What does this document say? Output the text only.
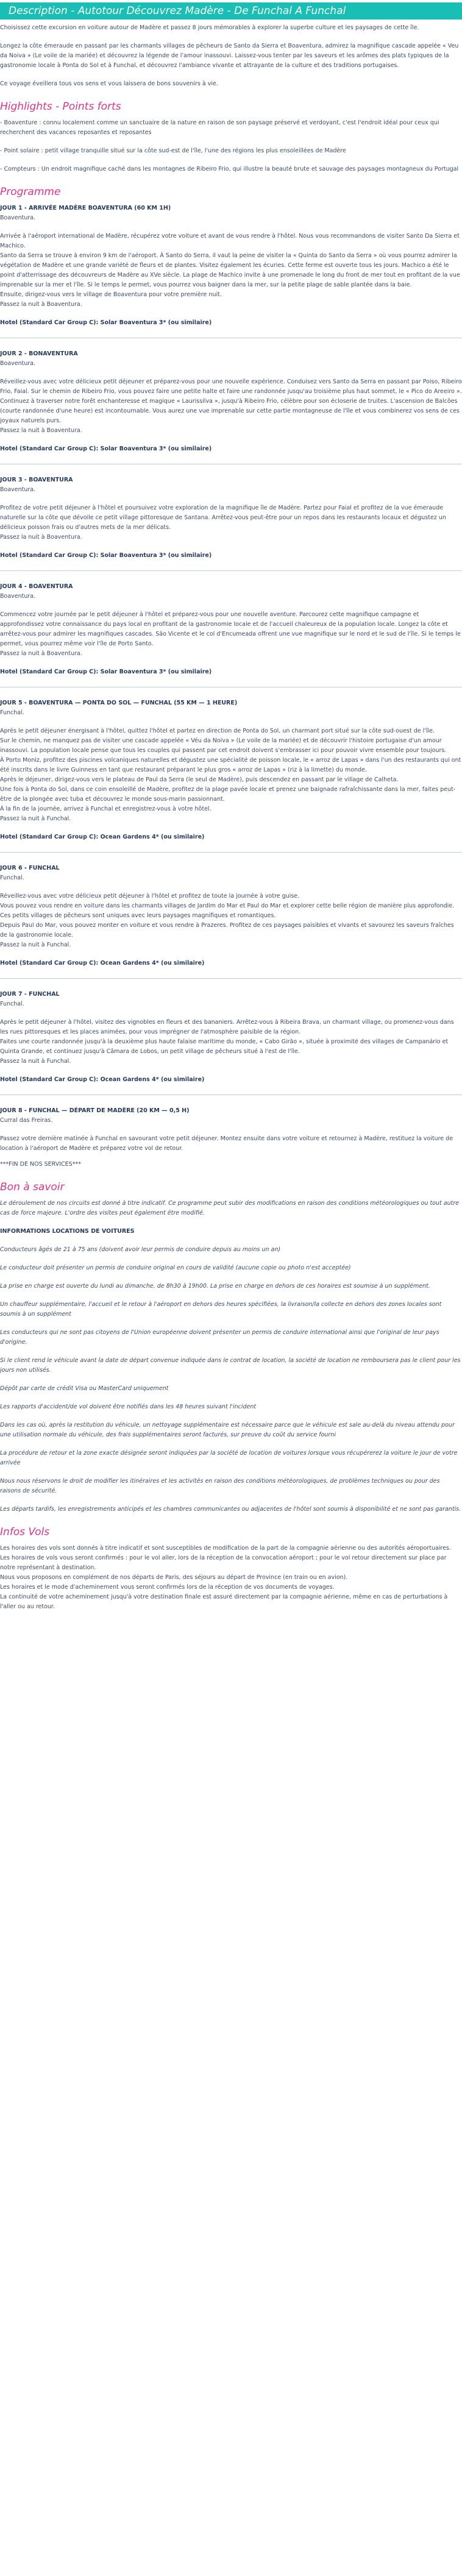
Description - Autotour Découvrez Madère - De Funchal A Funchal

Choisissez cette excursion en voiture autour de Madère et passez 8 jours mémorables à explorer la superbe culture et les paysages de cette île.

Longez la côte émeraude en passant par les charmants villages de pêcheurs de Santo da Sierra et Boaventura, admirez la magnifique cascade appelée « Veu da Noiva » (Le voile de la mariée) et découvrez la légende de l'amour inassouvi. Laissez-vous tenter par les saveurs et les arômes des plats typiques de la gastronomie locale à Ponta do Sol et à Funchal, et découvrez l'ambiance vivante et attrayante de la culture et des traditions portugaises.

Ce voyage éveillera tous vos sens et vous laissera de bons souvenirs à vie.

Highlights - Points forts

- Boaventure : connu localement comme un sanctuaire de la nature en raison de son paysage préservé et verdoyant, c'est l'endroit idéal pour ceux qui recherchent des vacances reposantes et reposantes

- Point solaire : petit village tranquille situé sur la côte sud-est de l'île, l'une des régions les plus ensoleillées de Madère

- Compteurs : Un endroit magnifique caché dans les montagnes de Ribeiro Frio, qui illustre la beauté brute et sauvage des paysages montagneux du Portugal

Programme

JOUR 1 - ARRIVÉE MADÈRE BOAVENTURA (60 KM 1H)

Boaventura.

Arrivée à l'aéroport international de Madère, récupérez votre voiture et avant de vous rendre à l'hôtel. Nous vous recommandons de visiter Santo Da Sierra et Machico.

Santo da Serra se trouve à environ 9 km de l'aéroport. À Santo do Serra, il vaut la peine de visiter la « Quinta do Santo da Serra » où vous pourrez admirer la végétation de Madère et une grande variété de fleurs et de plantes. Visitez également les écuries. Cette ferme est ouverte tous les jours. Machico a été le point d'atterrissage des découvreurs de Madère au XVe siècle. La plage de Machico invite à une promenade le long du front de mer tout en profitant de la vue imprenable sur la mer et l'île. Si le temps le permet, vous pourrez vous baigner dans la mer, sur la petite plage de sable plantée dans la baie.

Ensuite, dirigez-vous vers le village de Boaventura pour votre première nuit.

Passez la nuit à Boaventura.

Hotel (Standard Car Group C): Solar Boaventura 3* (ou similaire)

JOUR 2 - BONAVENTURA

Boaventura.

Réveillez-vous avec votre délicieux petit déjeuner et préparez-vous pour une nouvelle expérience. Conduisez vers Santo da Serra en passant par Poiso, Ribeiro Frio, Faial. Sur le chemin de Ribeiro Frio, vous pouvez faire une petite halte et faire une randonnée jusqu'au troisième plus haut sommet, le « Pico do Areeiro ».

Continuez à traverser notre forêt enchanteresse et magique « Laurissilva », jusqu'à Ribeiro Frio, célèbre pour son écloserie de truites. L'ascension de Balcões (courte randonnée d'une heure) est incontournable. Vous aurez une vue imprenable sur cette partie montagneuse de l'île et vous combinerez vos sens de ces joyaux naturels purs.

Passez la nuit à Boaventura.

Hotel (Standard Car Group C): Solar Boaventura 3* (ou similaire)

JOUR 3 - BOAVENTURA

Boaventura.

Profitez de votre petit déjeuner à l'hôtel et poursuivez votre exploration de la magnifique île de Madère. Partez pour Faial et profitez de la vue émeraude naturelle sur la côte que dévoile ce petit village pittoresque de Santana. Arrêtez-vous peut-être pour un repos dans les restaurants locaux et dégustez un délicieux poisson frais ou d'autres mets de la mer délicats.

Passez la nuit à Boaventura.

Hotel (Standard Car Group C): Solar Boaventura 3* (ou similaire)

JOUR 4 - BOAVENTURA

Boaventura.

Commencez votre journée par le petit déjeuner à l'hôtel et préparez-vous pour une nouvelle aventure. Parcourez cette magnifique campagne et approfondissez votre connaissance du pays local en profitant de la gastronomie locale et de l'accueil chaleureux de la population locale. Longez la côte et arrêtez-vous pour admirer les magnifiques cascades. São Vicente et le col d'Encumeada offrent une vue magnifique sur le nord et le sud de l'île. Si le temps le permet, vous pourrez même voir l'île de Porto Santo.

Passez la nuit à Boaventura.

Hotel (Standard Car Group C): Solar Boaventura 3* (ou similaire)

JOUR 5 - BOAVENTURA — PONTA DO SOL — FUNCHAL (55 KM — 1 HEURE)

Funchal.

Après le petit déjeuner énergisant à l'hôtel, quittez l'hôtel et partez en direction de Ponta do Sol, un charmant port situé sur la côte sud-ouest de l'île.

Sur le chemin, ne manquez pas de visiter une cascade appelée « Véu da Noiva » (Le voile de la mariée) et de découvrir l'histoire portugaise d'un amour inassouvi. La population locale pense que tous les couples qui passent par cet endroit doivent s'embrasser ici pour pouvoir vivre ensemble pour toujours.

À Porto Moniz, profitez des piscines volcaniques naturelles et dégustez une spécialité de poisson locale, le « arroz de Lapas » dans l'un des restaurants qui ont été inscrits dans le livre Guinness en tant que restaurant préparant le plus gros « arroz de Lapas » (riz à la limette) du monde.

Après le déjeuner, dirigez-vous vers le plateau de Paul da Serra (le seul de Madère), puis descendez en passant par le village de Calheta.

Une fois à Ponta do Sol, dans ce coin ensoleillé de Madère, profitez de la plage pavée locale et prenez une baignade rafraîchissante dans la mer, faites peut-être de la plongée avec tuba et découvrez le monde sous-marin passionnant.

À la fin de la journée, arrivez à Funchal et enregistrez-vous à votre hôtel.

Passez la nuit à Funchal.

Hotel (Standard Car Group C): Ocean Gardens 4* (ou similaire)

JOUR 6 - FUNCHAL

Funchal.

Réveillez-vous avec votre délicieux petit déjeuner à l'hôtel et profitez de toute la journée à votre guise.

Vous pouvez vous rendre en voiture dans les charmants villages de Jardim do Mar et Paul do Mar et explorer cette belle région de manière plus approfondie. Ces petits villages de pêcheurs sont uniques avec leurs paysages magnifiques et romantiques.

Depuis Paul do Mar, vous pouvez monter en voiture et vous rendre à Prazeres. Profitez de ces paysages paisibles et vivants et savourez les saveurs fraîches de la gastronomie locale.

Passez la nuit à Funchal.

Hotel (Standard Car Group C): Ocean Gardens 4* (ou similaire)

JOUR 7 - FUNCHAL

Funchal.

Après le petit déjeuner à l'hôtel, visitez des vignobles en fleurs et des bananiers. Arrêtez-vous à Ribeira Brava, un charmant village, ou promenez-vous dans les rues pittoresques et les places animées, pour vous imprégner de l'atmosphère paisible de la région.

Faites une courte randonnée jusqu'à la deuxième plus haute falaise maritime du monde, « Cabo Girão », située à proximité des villages de Campanário et Quinta Grande, et continuez jusqu'à Câmara de Lobos, un petit village de pêcheurs situé à l'est de l'île.

Passez la nuit à Funchal.

Hotel (Standard Car Group C): Ocean Gardens 4* (ou similaire)

JOUR 8 - FUNCHAL — DÉPART DE MADÈRE (20 KM — 0,5 H)

Curral das Freiras.

Passez votre dernière matinée à Funchal en savourant votre petit déjeuner. Montez ensuite dans votre voiture et retournez à Madère, restituez la voiture de location à l'aéroport de Madère et préparez votre vol de retour.

***FIN DE NOS SERVICES***

Bon à savoir

Le déroulement de nos circuits est donné à titre indicatif. Ce programme peut subir des modifications en raison des conditions météorologiques ou tout autre cas de force majeure. L'ordre des visites peut également être modifié.

INFORMATIONS LOCATIONS DE VOITURES

Conducteurs âgés de 21 à 75 ans (doivent avoir leur permis de conduire depuis au moins un an)

Le conducteur doit présenter un permis de conduire original en cours de validité (aucune copie ou photo n'est acceptée)

La prise en charge est ouverte du lundi au dimanche, de 8h30 à 19h00. La prise en charge en dehors de ces horaires est soumise à un supplément.

Un chauffeur supplémentaire, l'accueil et le retour à l'aéroport en dehors des heures spécifiées, la livraison/la collecte en dehors des zones locales sont soumis à un supplément

Les conducteurs qui ne sont pas citoyens de l'Union européenne doivent présenter un permis de conduire international ainsi que l'original de leur pays d'origine.

Si le client rend le véhicule avant la date de départ convenue indiquée dans le contrat de location, la société de location ne remboursera pas le client pour les jours non utilisés.

Dépôt par carte de crédit Visa ou MasterCard uniquement

Les rapports d'accident/de vol doivent être notifiés dans les 48 heures suivant l'incident

Dans les cas où, après la restitution du véhicule, un nettoyage supplémentaire est nécessaire parce que le véhicule est sale au-delà du niveau attendu pour une utilisation normale du véhicule, des frais supplémentaires seront facturés, sur preuve du coût du service fourni

La procédure de retour et la zone exacte désignée seront indiquées par la société de location de voitures lorsque vous récupérerez la voiture le jour de votre arrivée

Nous nous réservons le droit de modifier les itinéraires et les activités en raison des conditions météorologiques, de problèmes techniques ou pour des raisons de sécurité.

Les départs tardifs, les enregistrements anticipés et les chambres communicantes ou adjacentes de l'hôtel sont soumis à disponibilité et ne sont pas garantis.

Infos Vols

Les horaires des vols sont donnés à titre indicatif et sont susceptibles de modification de la part de la compagnie aérienne ou des autorités aéroportuaires.

Les horaires de vols vous seront confirmés : pour le vol aller, lors de la réception de la convocation aéroport ; pour le vol retour directement sur place par notre représentant à destination.

Nous vous proposons en complément de nos départs de Paris, des séjours au départ de Province (en train ou en avion).

Les horaires et le mode d'acheminement vous seront confirmés lors de la réception de vos documents de voyages.

La continuité de votre acheminement jusqu'à votre destination finale est assuré directement par la compagnie aérienne, même en cas de perturbations à l'aller ou au retour.
